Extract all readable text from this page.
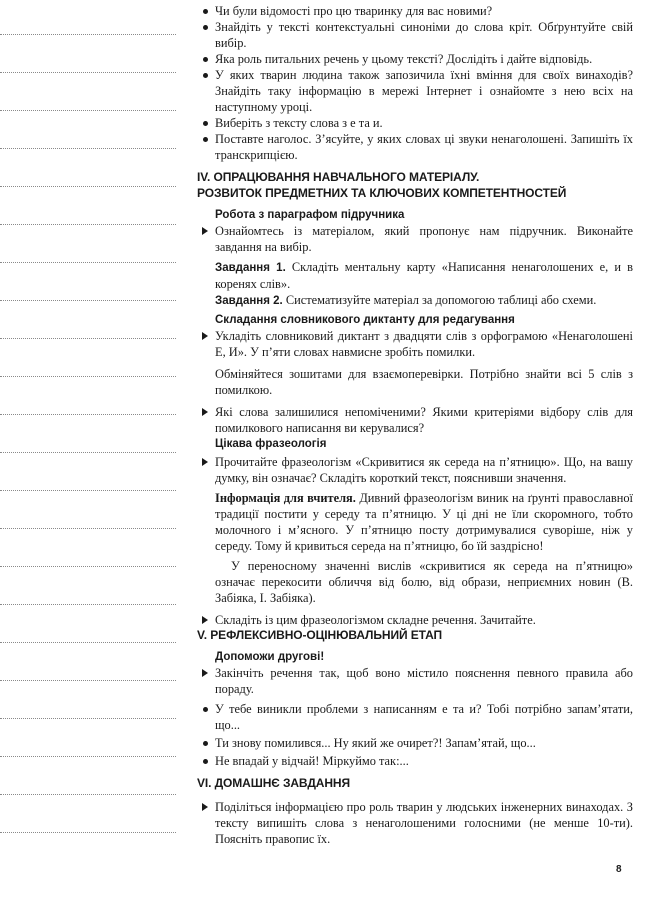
Чи були відомості про цю тваринку для вас новими?
Знайдіть у тексті контекстуальні синоніми до слова кріт. Обґрунтуйте свій вибір.
Яка роль питальних речень у цьому тексті? Дослідіть і дайте відповідь.
У яких тварин людина також запозичила їхні вміння для своїх винаходів? Знайдіть таку інформацію в мережі Інтернет і ознайомте з нею всіх на наступному уроці.
Виберіть з тексту слова з е та и.
Поставте наголос. З’ясуйте, у яких словах ці звуки ненаголошені. Запишіть їх транскрипцією.
IV. ОПРАЦЮВАННЯ НАВЧАЛЬНОГО МАТЕРІАЛУ.
РОЗВИТОК ПРЕДМЕТНИХ ТА КЛЮЧОВИХ КОМПЕТЕНТНОСТЕЙ
Робота з параграфом підручника
Ознайомтесь із матеріалом, який пропонує нам підручник. Виконайте завдання на вибір.

Завдання 1. Складіть ментальну карту «Написання ненаголошених е, и в коренях слів».

Завдання 2. Систематизуйте матеріал за допомогою таблиці або схеми.

Складання словникового диктанту для редагування
Укладіть словниковий диктант з двадцяти слів з орфограмою «Ненаголошені Е, И». У п’яти словах навмисне зробіть помилки.

Обміняйтеся зошитами для взаємоперевірки. Потрібно знайти всі 5 слів з помилкою.

Які слова залишилися непоміченими? Якими критеріями відбору слів для помилкового написання ви керувалися?
Цікава фразеологія
Прочитайте фразеологізм «Скривитися як середа на п’ятницю». Що, на вашу думку, він означає? Складіть короткий текст, пояснивши значення.

Інформація для вчителя. Дивний фразеологізм виник на ґрунті православної традиції постити у середу та п’ятницю. У ці дні не їли скоромного, тобто молочного і м’ясного. У п’ятницю посту дотримувалися суворіше, ніж у середу. Тому й кривиться середа на п’ятницю, бо їй заздрісно!

У переносному значенні вислів «скривитися як середа на п’ятницю» означає перекосити обличчя від болю, від образи, неприємних новин (В. Забіяка, І. Забіяка).

Складіть із цим фразеологізмом складне речення. Зачитайте.
V. РЕФЛЕКСИВНО-ОЦІНЮВАЛЬНИЙ ЕТАП
Допоможи другові!
Закінчіть речення так, щоб воно містило пояснення певного правила або пораду.
У тебе виникли проблеми з написанням е та и? Тобі потрібно запам’ятати, що...
Ти знову помилився... Ну який же очирет?! Запам’ятай, що...
Не впадай у відчай! Міркуймо так:...
VI. ДОМАШНЄ ЗАВДАННЯ
Поділіться інформацією про роль тварин у людських інженерних винаходах. З тексту випишіть слова з ненаголошеними голосними (не менше 10-ти). Поясніть правопис їх.
8
